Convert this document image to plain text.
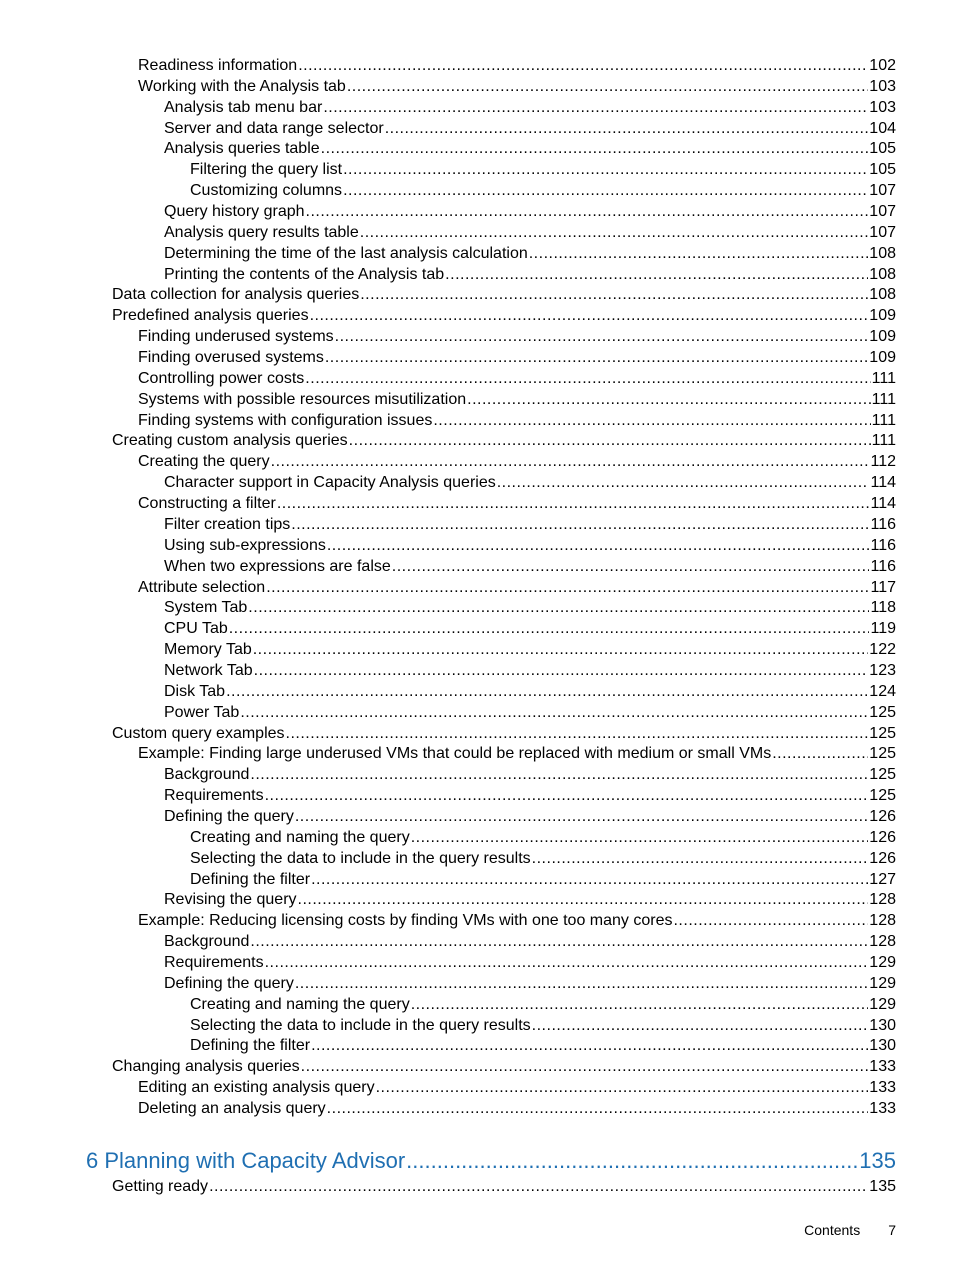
Readiness information .....	102
Working with the Analysis tab .....	103
Analysis tab menu bar .....	103
Server and data range selector .....	104
Analysis queries table .....	105
Filtering the query list .....	105
Customizing columns .....	107
Query history graph .....	107
Analysis query results table .....	107
Determining the time of the last analysis calculation .....	108
Printing the contents of the Analysis tab .....	108
Data collection for analysis queries .....	108
Predefined analysis queries .....	109
Finding underused systems .....	109
Finding overused systems .....	109
Controlling power costs .....	111
Systems with possible resources misutilization .....	111
Finding systems with configuration issues .....	111
Creating custom analysis queries .....	111
Creating the query .....	112
Character support in Capacity Analysis queries .....	114
Constructing a filter .....	114
Filter creation tips .....	116
Using sub-expressions .....	116
When two expressions are false .....	116
Attribute selection .....	117
System Tab .....	118
CPU Tab .....	119
Memory Tab .....	122
Network Tab .....	123
Disk Tab .....	124
Power Tab .....	125
Custom query examples .....	125
Example: Finding large underused VMs that could be replaced with medium or small VMs .....	125
Background .....	125
Requirements .....	125
Defining the query .....	126
Creating and naming the query .....	126
Selecting the data to include in the query results .....	126
Defining the filter .....	127
Revising the query .....	128
Example: Reducing licensing costs by finding VMs with one too many cores .....	128
Background .....	128
Requirements .....	129
Defining the query .....	129
Creating and naming the query .....	129
Selecting the data to include in the query results .....	130
Defining the filter .....	130
Changing analysis queries .....	133
Editing an existing analysis query .....	133
Deleting an analysis query .....	133
6 Planning with Capacity Advisor .....	135
Getting ready .....	135
Contents 7
